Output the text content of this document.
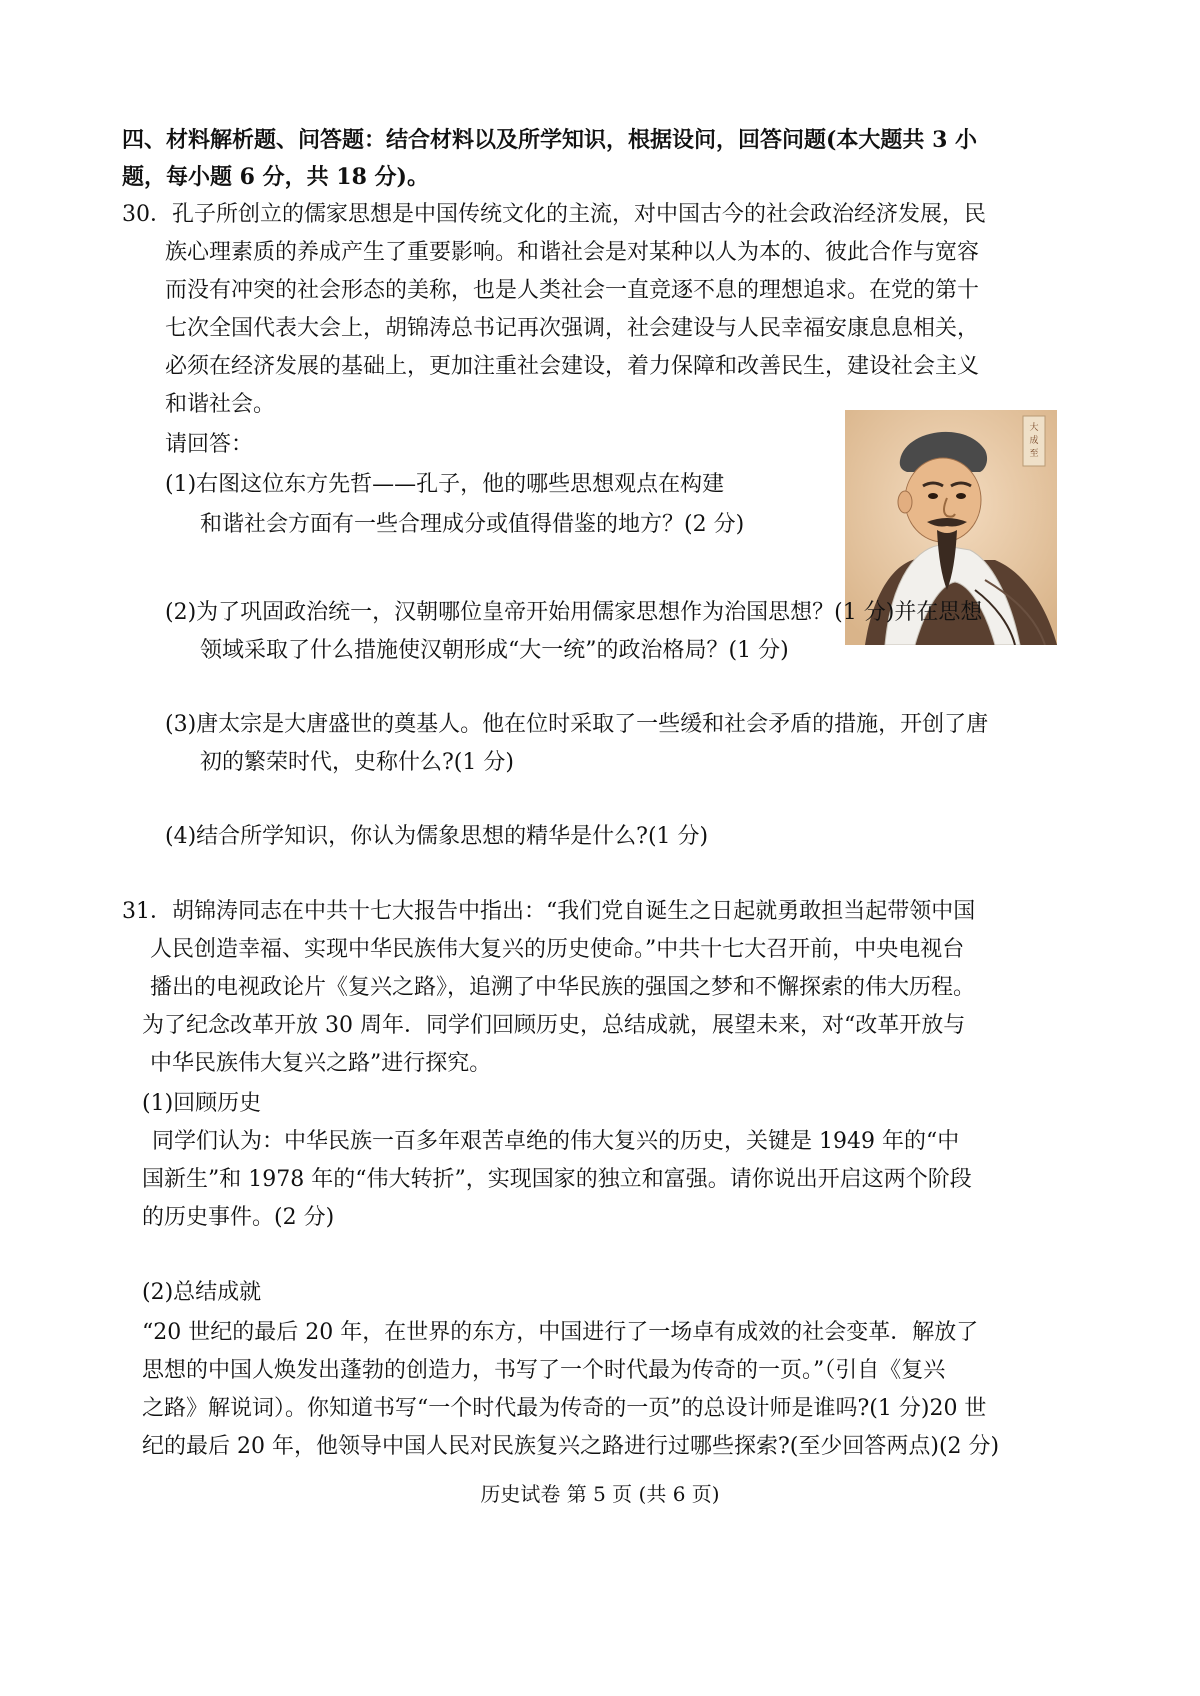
四、材料解析题、问答题：结合材料以及所学知识，根据设问，回答问题(本大题共 3 小
题，每小题 6 分，共 18 分)。
30．孔子所创立的儒家思想是中国传统文化的主流，对中国古今的社会政治经济发展，民
族心理素质的养成产生了重要影响。和谐社会是对某种以人为本的、彼此合作与宽容
而没有冲突的社会形态的美称，也是人类社会一直竞逐不息的理想追求。在党的第十
七次全国代表大会上，胡锦涛总书记再次强调，社会建设与人民幸福安康息息相关，
必须在经济发展的基础上，更加注重社会建设，着力保障和改善民生，建设社会主义
和谐社会。
请回答：
(1)右图这位东方先哲——孔子，他的哪些思想观点在构建
和谐社会方面有一些合理成分或值得借鉴的地方？(2 分)
大
成
至
(2)为了巩固政治统一，汉朝哪位皇帝开始用儒家思想作为治国思想？(1 分)并在思想
领域采取了什么措施使汉朝形成“大一统”的政治格局？(1 分)
(3)唐太宗是大唐盛世的奠基人。他在位时采取了一些缓和社会矛盾的措施，开创了唐
初的繁荣时代，史称什么?(1 分)
(4)结合所学知识，你认为儒象思想的精华是什么?(1 分)
31．胡锦涛同志在中共十七大报告中指出：“我们党自诞生之日起就勇敢担当起带领中国
人民创造幸福、实现中华民族伟大复兴的历史使命。”中共十七大召开前，中央电视台
播出的电视政论片《复兴之路》，追溯了中华民族的强国之梦和不懈探索的伟大历程。
为了纪念改革开放 30 周年．同学们回顾历史，总结成就，展望未来，对“改革开放与
中华民族伟大复兴之路”进行探究。
(1)回顾历史
同学们认为：中华民族一百多年艰苦卓绝的伟大复兴的历史，关键是 1949 年的“中
国新生”和 1978 年的“伟大转折”，实现国家的独立和富强。请你说出开启这两个阶段
的历史事件。(2 分)
(2)总结成就
“20 世纪的最后 20 年，在世界的东方，中国进行了一场卓有成效的社会变革．解放了
思想的中国人焕发出蓬勃的创造力，书写了一个时代最为传奇的一页。”（引自《复兴
之路》解说词）。你知道书写“一个时代最为传奇的一页”的总设计师是谁吗?(1 分)20 世
纪的最后 20 年，他领导中国人民对民族复兴之路进行过哪些探索?(至少回答两点)(2 分)
历史试卷 第 5 页 (共 6 页)
